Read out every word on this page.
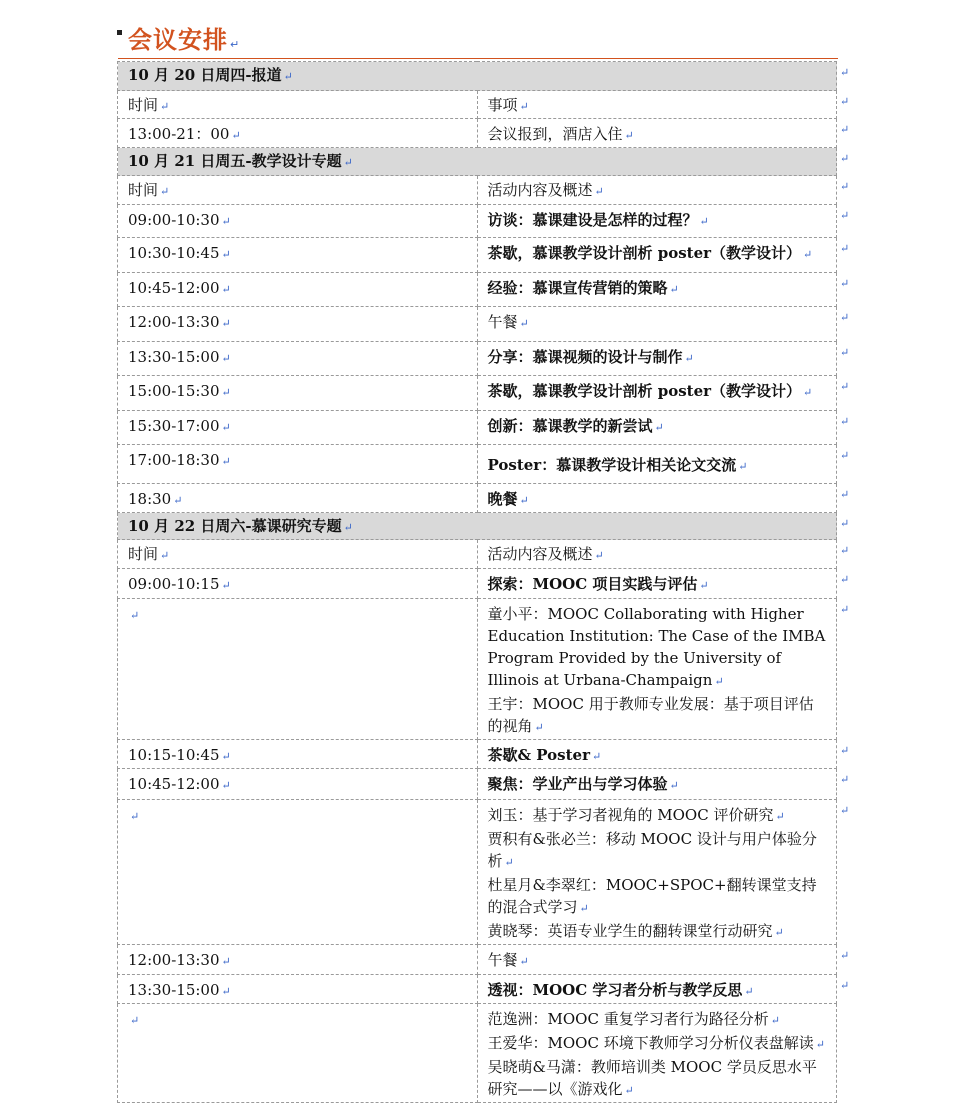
会议安排 ↵
10 月 20 日周四-报道 ↵	
时间 ↵	事项 ↵
13:00-21：00 ↵	会议报到，酒店入住 ↵

10 月 21 日周五-教学设计专题 ↵	
时间 ↵	活动内容及概述 ↵
09:00-10:30 ↵	访谈：慕课建设是怎样的过程？ ↵

10:30-10:45 ↵	茶歇，慕课教学设计剖析 poster（教学设计） ↵

10:45-12:00 ↵	经验：慕课宣传营销的策略 ↵

12:00-13:30 ↵	午餐 ↵

13:30-15:00 ↵	分享：慕课视频的设计与制作 ↵

15:00-15:30 ↵	茶歇，慕课教学设计剖析 poster（教学设计） ↵

15:30-17:00 ↵	创新：慕课教学的新尝试 ↵

17:00-18:30 ↵	Poster：慕课教学设计相关论文交流 ↵

18:30 ↵	晚餐 ↵

10 月 22 日周六-慕课研究专题 ↵	
时间 ↵	活动内容及概述 ↵
09:00-10:15 ↵	探索：MOOC 项目实践与评估 ↵

↵	童小平：MOOC Collaborating with Higher Education Institution: The Case of the IMBA Program Provided by the University of Illinois at Urbana-Champaign ↵
王宇：MOOC 用于教师专业发展：基于项目评估的视角 ↵

10:15-10:45 ↵	茶歇& Poster ↵

10:45-12:00 ↵	聚焦：学业产出与学习体验 ↵

↵	刘玉：基于学习者视角的 MOOC 评价研究 ↵
贾积有&张必兰：移动 MOOC 设计与用户体验分析 ↵
杜星月&李翠红：MOOC+SPOC+翻转课堂支持的混合式学习 ↵
黄晓琴：英语专业学生的翻转课堂行动研究 ↵

12:00-13:30 ↵	午餐 ↵

13:30-15:00 ↵	透视：MOOC 学习者分析与教学反思 ↵

↵	范逸洲：MOOC 重复学习者行为路径分析 ↵
王爱华：MOOC 环境下教师学习分析仪表盘解读 ↵
吴晓萌&马潇：教师培训类 MOOC 学员反思水平研究——以《游戏化 ↵
↵
↵
↵
↵
↵
↵
↵
↵
↵
↵
↵
↵
↵
↵
↵
↵
↵
↵
↵
↵
↵
↵
↵
